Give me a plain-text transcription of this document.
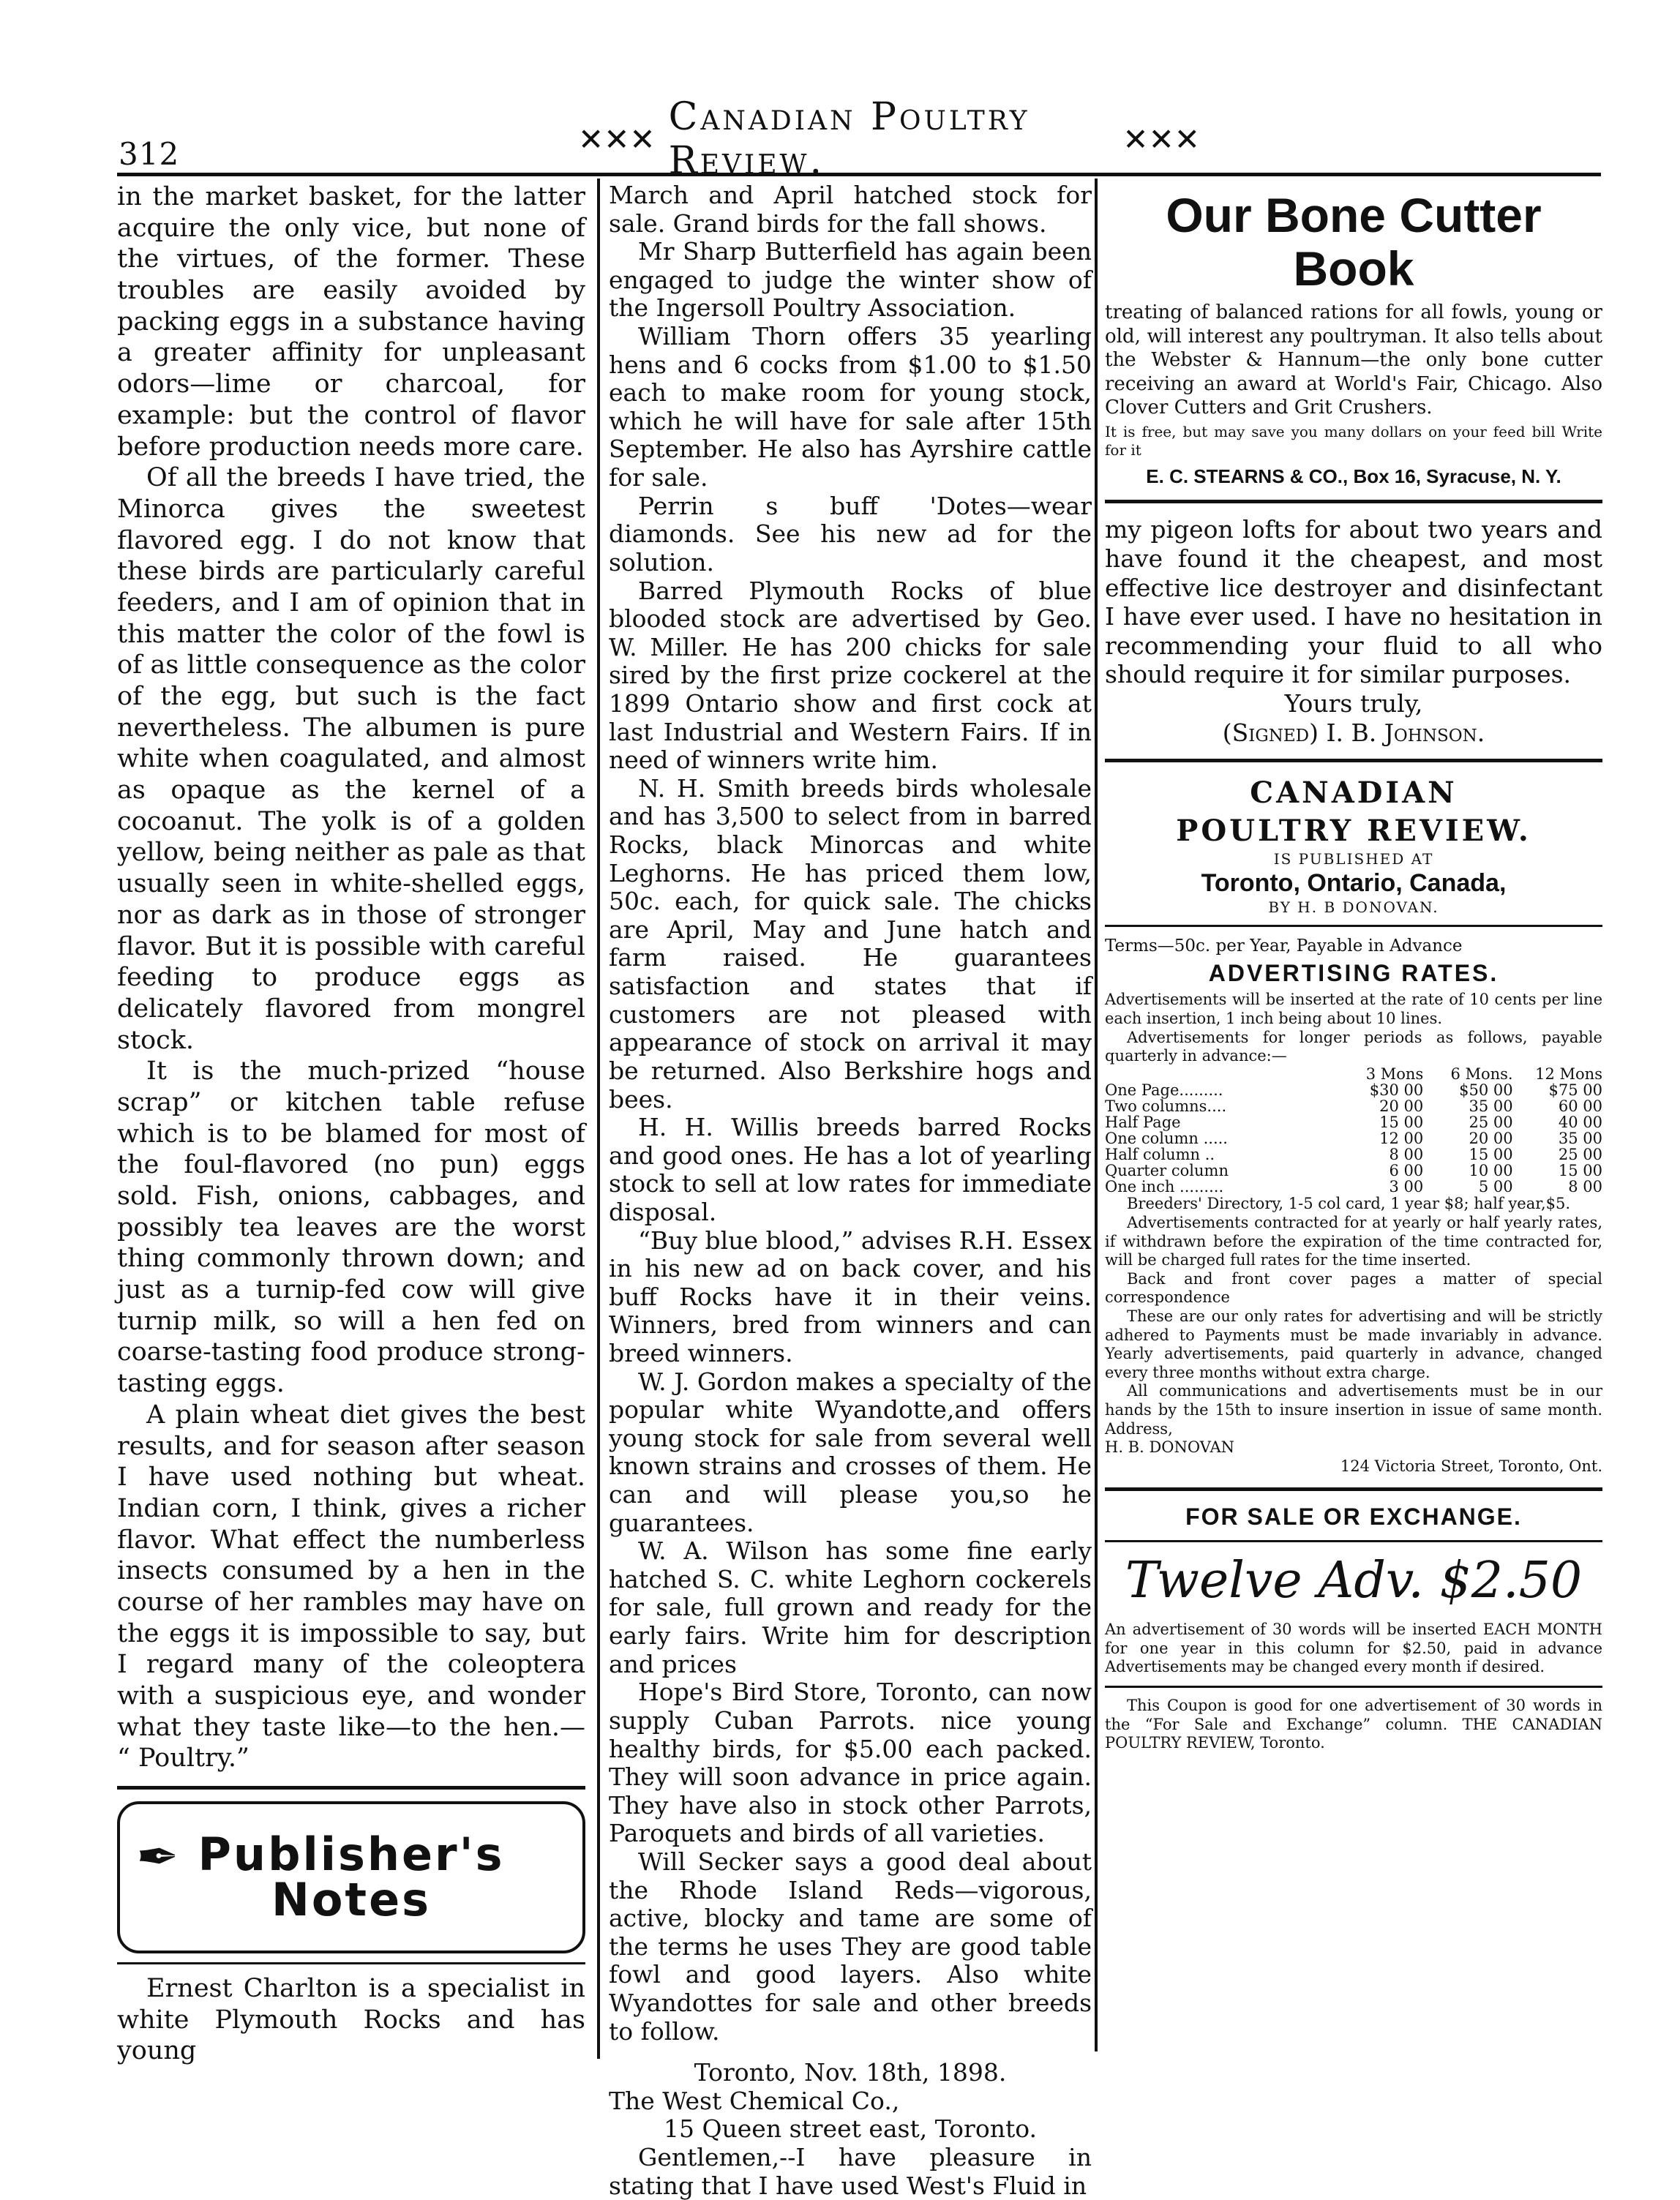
312	✕✕✕ Canadian Poultry Review.	✕✕✕

in the market basket, for the latter acquire the only vice, but none of the virtues, of the former. These troubles are easily avoided by packing eggs in a substance having a greater affinity for unpleasant odors—lime or charcoal, for example: but the control of flavor before production needs more care.

Of all the breeds I have tried, the Minorca gives the sweetest flavored egg. I do not know that these birds are particularly careful feeders, and I am of opinion that in this matter the color of the fowl is of as little consequence as the color of the egg, but such is the fact nevertheless. The albumen is pure white when coagulated, and almost as opaque as the kernel of a cocoanut. The yolk is of a golden yellow, being neither as pale as that usually seen in white-shelled eggs, nor as dark as in those of stronger flavor. But it is possible with careful feeding to produce eggs as delicately flavored from mongrel stock.

It is the much-prized “house scrap” or kitchen table refuse which is to be blamed for most of the foul-flavored (no pun) eggs sold. Fish, onions, cabbages, and possibly tea leaves are the worst thing commonly thrown down; and just as a turnip-fed cow will give turnip milk, so will a hen fed on coarse-tasting food produce strong-tasting eggs.

A plain wheat diet gives the best results, and for season after season I have used nothing but wheat. Indian corn, I think, gives a richer flavor. What effect the numberless insects consumed by a hen in the course of her rambles may have on the eggs it is impossible to say, but I regard many of the coleoptera with a suspicious eye, and wonder what they taste like—to the hen.— “ Poultry.”

✒ Publisher's Notes

Ernest Charlton is a specialist in white Plymouth Rocks and has young

March and April hatched stock for sale. Grand birds for the fall shows.

Mr Sharp Butterfield has again been engaged to judge the winter show of the Ingersoll Poultry Association.

William Thorn offers 35 yearling hens and 6 cocks from $1.00 to $1.50 each to make room for young stock, which he will have for sale after 15th September. He also has Ayrshire cattle for sale.

Perrin s buff 'Dotes—wear diamonds. See his new ad for the solution.

Barred Plymouth Rocks of blue blooded stock are advertised by Geo. W. Miller. He has 200 chicks for sale sired by the first prize cockerel at the 1899 Ontario show and first cock at last Industrial and Western Fairs. If in need of winners write him.

N. H. Smith breeds birds wholesale and has 3,500 to select from in barred Rocks, black Minorcas and white Leghorns. He has priced them low, 50c. each, for quick sale. The chicks are April, May and June hatch and farm raised. He guarantees satisfaction and states that if customers are not pleased with appearance of stock on arrival it may be returned. Also Berkshire hogs and bees.

H. H. Willis breeds barred Rocks and good ones. He has a lot of yearling stock to sell at low rates for immediate disposal.

“Buy blue blood,” advises R.H. Essex in his new ad on back cover, and his buff Rocks have it in their veins. Winners, bred from winners and can breed winners.

W. J. Gordon makes a specialty of the popular white Wyandotte,and offers young stock for sale from several well known strains and crosses of them. He can and will please you,so he guarantees.

W. A. Wilson has some fine early hatched S. C. white Leghorn cockerels for sale, full grown and ready for the early fairs. Write him for description and prices

Hope's Bird Store, Toronto, can now supply Cuban Parrots. nice young healthy birds, for $5.00 each packed. They will soon advance in price again. They have also in stock other Parrots, Paroquets and birds of all varieties.

Will Secker says a good deal about the Rhode Island Reds—vigorous, active, blocky and tame are some of the terms he uses They are good table fowl and good layers. Also white Wyandottes for sale and other breeds to follow.

Toronto, Nov. 18th, 1898.
The West Chemical Co.,
15 Queen street east, Toronto.

Gentlemen,--I have pleasure in stating that I have used West's Fluid in

Our Bone Cutter Book
treating of balanced rations for all fowls, young or old, will interest any poultryman. It also tells about the Webster & Hannum—the only bone cutter receiving an award at World's Fair, Chicago. Also Clover Cutters and Grit Crushers.
It is free, but may save you many dollars on your feed bill Write for it
E. C. STEARNS & CO., Box 16, Syracuse, N. Y.
my pigeon lofts for about two years and have found it the cheapest, and most effective lice destroyer and disinfectant I have ever used. I have no hesitation in recommending your fluid to all who should require it for similar purposes.
Yours truly,
(Signed) I. B. Johnson.
CANADIAN
POULTRY REVIEW.
IS PUBLISHED AT
Toronto, Ontario, Canada,
BY H. B DONOVAN.
Terms—50c. per Year, Payable in Advance
ADVERTISING RATES.
Advertisements will be inserted at the rate of 10 cents per line each insertion, 1 inch being about 10 lines.
Advertisements for longer periods as follows, payable quarterly in advance:—
	3 Mons	6 Mons.	12 Mons
One Page.........	$30 00	$50 00	$75 00
Two columns....	20 00	35 00	60 00
Half Page	15 00	25 00	40 00
One column .....	12 00	20 00	35 00
Half column ..	8 00	15 00	25 00
Quarter column	6 00	10 00	15 00
One inch .........	3 00	5 00	8 00
Breeders' Directory, 1-5 col card, 1 year $8; half year,$5.
Advertisements contracted for at yearly or half yearly rates, if withdrawn before the expiration of the time contracted for, will be charged full rates for the time inserted.
Back and front cover pages a matter of special correspondence
These are our only rates for advertising and will be strictly adhered to Payments must be made invariably in advance. Yearly advertisements, paid quarterly in advance, changed every three months without extra charge.
All communications and advertisements must be in our hands by the 15th to insure insertion in issue of same month. Address,
H. B. DONOVAN
124 Victoria Street, Toronto, Ont.
FOR SALE OR EXCHANGE.
Twelve Adv. $2.50
An advertisement of 30 words will be inserted EACH MONTH for one year in this column for $2.50, paid in advance Advertisements may be changed every month if desired.
This Coupon is good for one advertisement of 30 words in the “For Sale and Exchange” column. THE CANADIAN POULTRY REVIEW, Toronto.
